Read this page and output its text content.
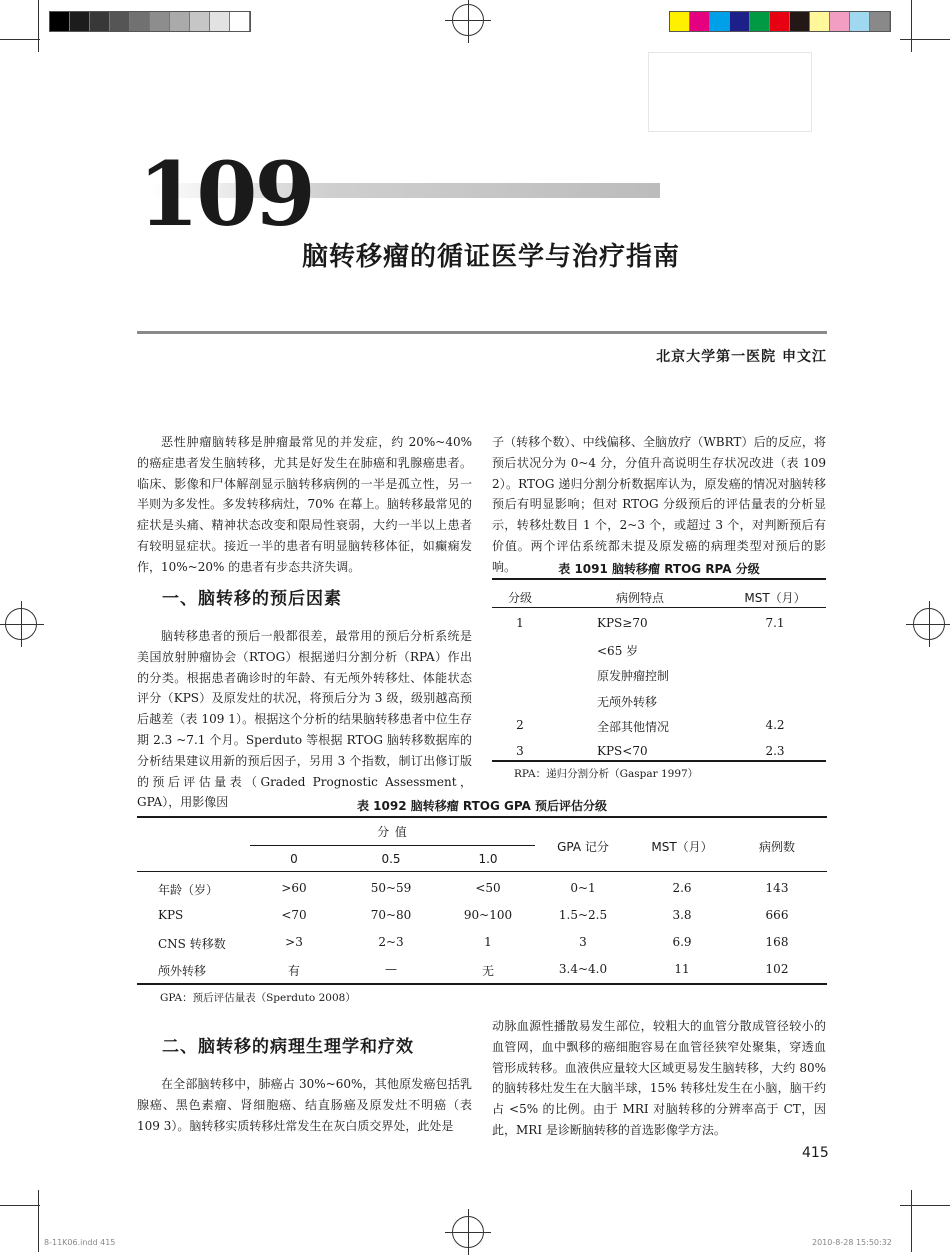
109
脑转移瘤的循证医学与治疗指南
北京大学第一医院 申文江

恶性肿瘤脑转移是肿瘤最常见的并发症，约 20%~40% 的癌症患者发生脑转移，尤其是好发生在肺癌和乳腺癌患者。临床、影像和尸体解剖显示脑转移病例的一半是孤立性，另一半则为多发性。多发转移病灶，70% 在幕上。脑转移最常见的症状是头痛、精神状态改变和限局性衰弱，大约一半以上患者有较明显症状。接近一半的患者有明显脑转移体征，如癫痫发作，10%~20% 的患者有步态共济失调。

一、脑转移的预后因素

脑转移患者的预后一般都很差，最常用的预后分析系统是美国放射肿瘤协会（RTOG）根据递归分割分析（RPA）作出的分类。根据患者确诊时的年龄、有无颅外转移灶、体能状态评分（KPS）及原发灶的状况，将预后分为 3 级，级别越高预后越差（表 109 1）。根据这个分析的结果脑转移患者中位生存期 2.3 ~7.1 个月。Sperduto 等根据 RTOG 脑转移数据库的分析结果建议用新的预后因子，另用 3 个指数，制订出修订版的预后评估量表（Graded Prognostic Assessment，GPA），用影像因

子（转移个数）、中线偏移、全脑放疗（WBRT）后的反应，将预后状况分为 0~4 分，分值升高说明生存状况改进（表 109 2）。RTOG 递归分割分析数据库认为，原发癌的情况对脑转移预后有明显影响；但对 RTOG 分级预后的评估量表的分析显示，转移灶数目 1 个，2~3 个，或超过 3 个，对判断预后有价值。两个评估系统都未提及原发癌的病理类型对预后的影响。	表 1091 脑转移瘤 RTOG RPA 分级
分级	病例特点	MST（月）
1	KPS≥70	7.1
<65 岁
原发肿瘤控制
无颅外转移
2	全部其他情况	4.2
3	KPS<70	2.3
RPA：递归分割分析（Gaspar 1997）
表 1092 脑转移瘤 RTOG GPA 预后评估分级
分 值
0	0.5	1.0
GPA 记分	MST（月）	病例数
年龄（岁）	>60	50~59	<50	0~1	2.6	143
KPS	<70	70~80	90~100	1.5~2.5	3.8	666
CNS 转移数	>3	2~3	1	3	6.9	168
颅外转移	有	—	无	3.4~4.0	11	102
GPA：预后评估量表（Sperduto 2008）
二、脑转移的病理生理学和疗效

在全部脑转移中，肺癌占 30%~60%，其他原发癌包括乳腺癌、黑色素瘤、肾细胞癌、结直肠癌及原发灶不明癌（表 109 3）。脑转移实质转移灶常发生在灰白质交界处，此处是

动脉血源性播散易发生部位，较粗大的血管分散成管径较小的血管网，血中飘移的癌细胞容易在血管径狭窄处聚集，穿透血管形成转移。血液供应量较大区域更易发生脑转移，大约 80% 的脑转移灶发生在大脑半球，15% 转移灶发生在小脑，脑干约占 <5% 的比例。由于 MRI 对脑转移的分辨率高于 CT，因此，MRI 是诊断脑转移的首选影像学方法。

415
8-11K06.indd 415	2010-8-28 15:50:32
